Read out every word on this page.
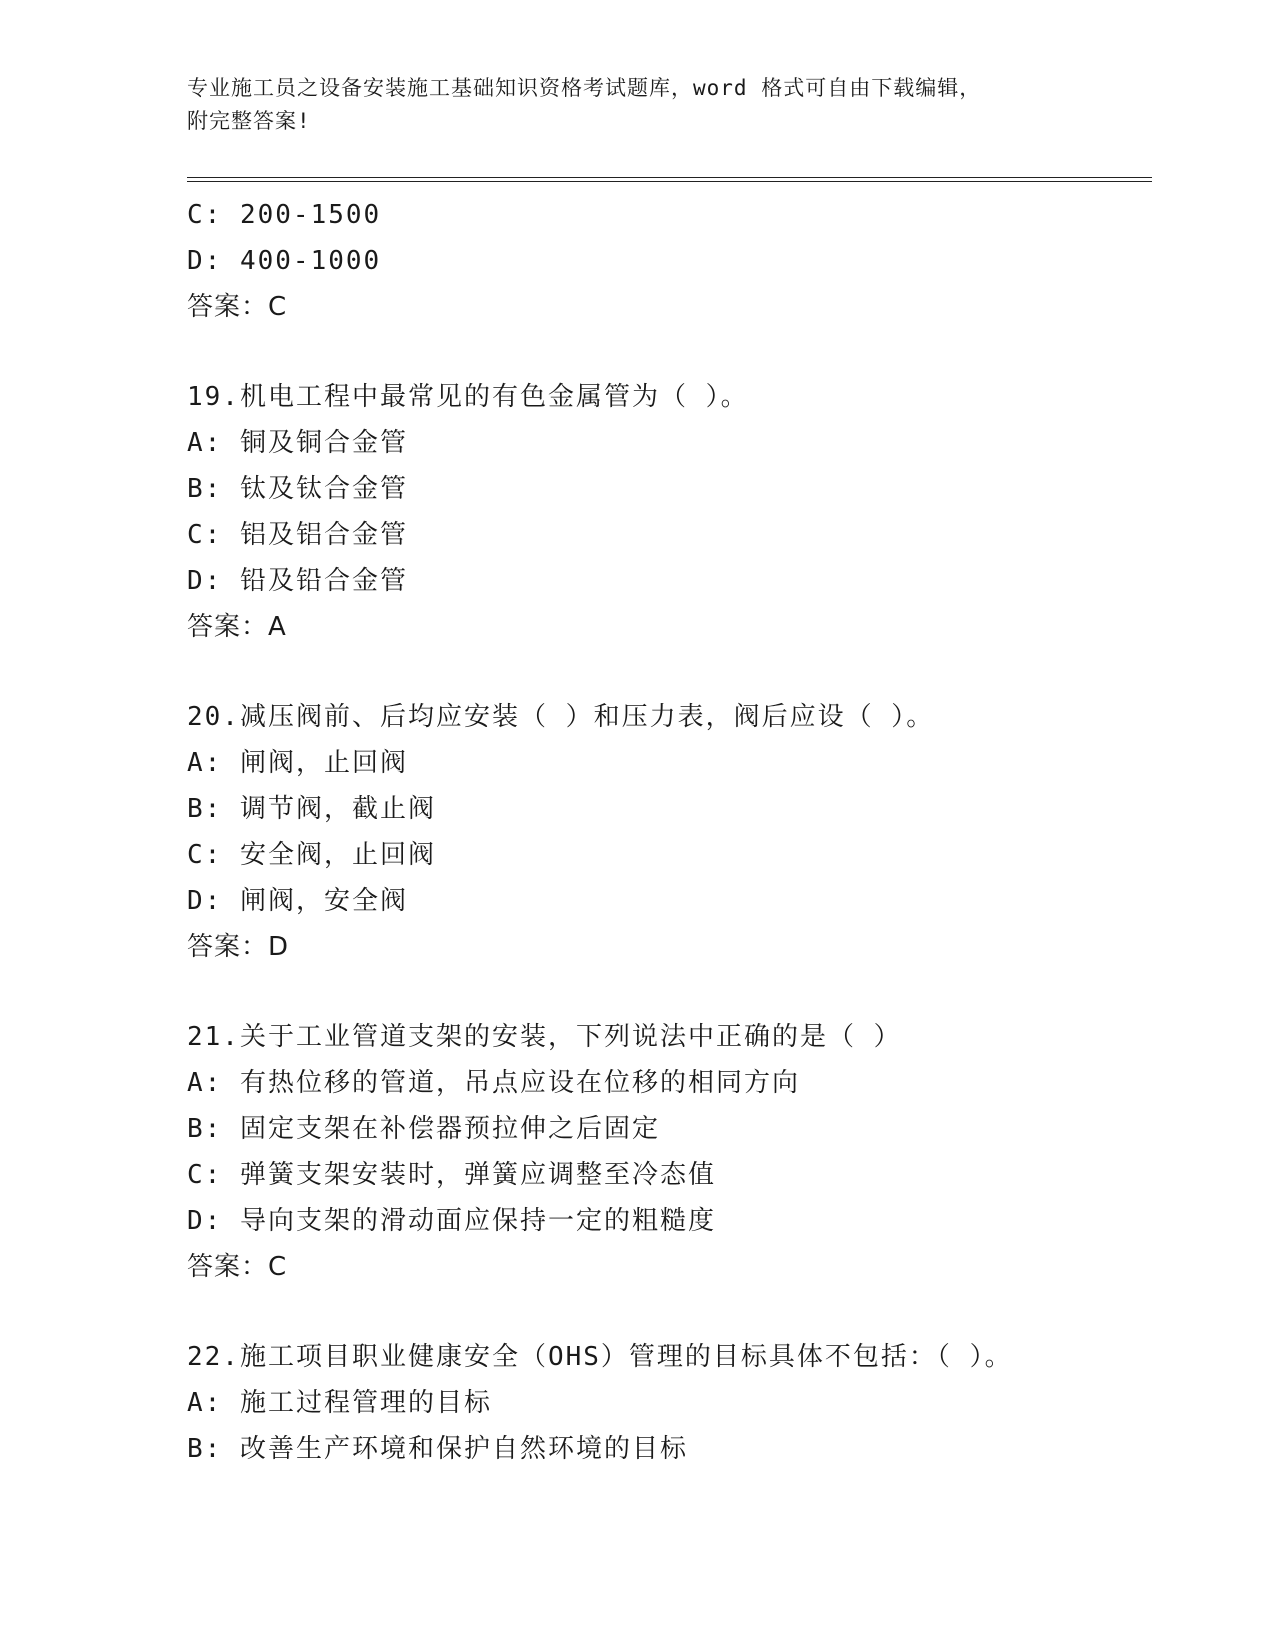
专业施工员之设备安装施工基础知识资格考试题库，word 格式可自由下载编辑，
附完整答案!
C: 200-1500
D: 400-1000
答案：C
19.机电工程中最常见的有色金属管为（ ）。
A: 铜及铜合金管
B: 钛及钛合金管
C: 铝及铝合金管
D: 铅及铅合金管
答案：A
20.减压阀前、后均应安装（ ）和压力表，阀后应设（ ）。
A: 闸阀，止回阀
B: 调节阀，截止阀
C: 安全阀，止回阀
D: 闸阀，安全阀
答案：D
21.关于工业管道支架的安装，下列说法中正确的是（ ）
A: 有热位移的管道，吊点应设在位移的相同方向
B: 固定支架在补偿器预拉伸之后固定
C: 弹簧支架安装时，弹簧应调整至冷态值
D: 导向支架的滑动面应保持一定的粗糙度
答案：C
22.施工项目职业健康安全（OHS）管理的目标具体不包括：（ ）。
A: 施工过程管理的目标
B: 改善生产环境和保护自然环境的目标
